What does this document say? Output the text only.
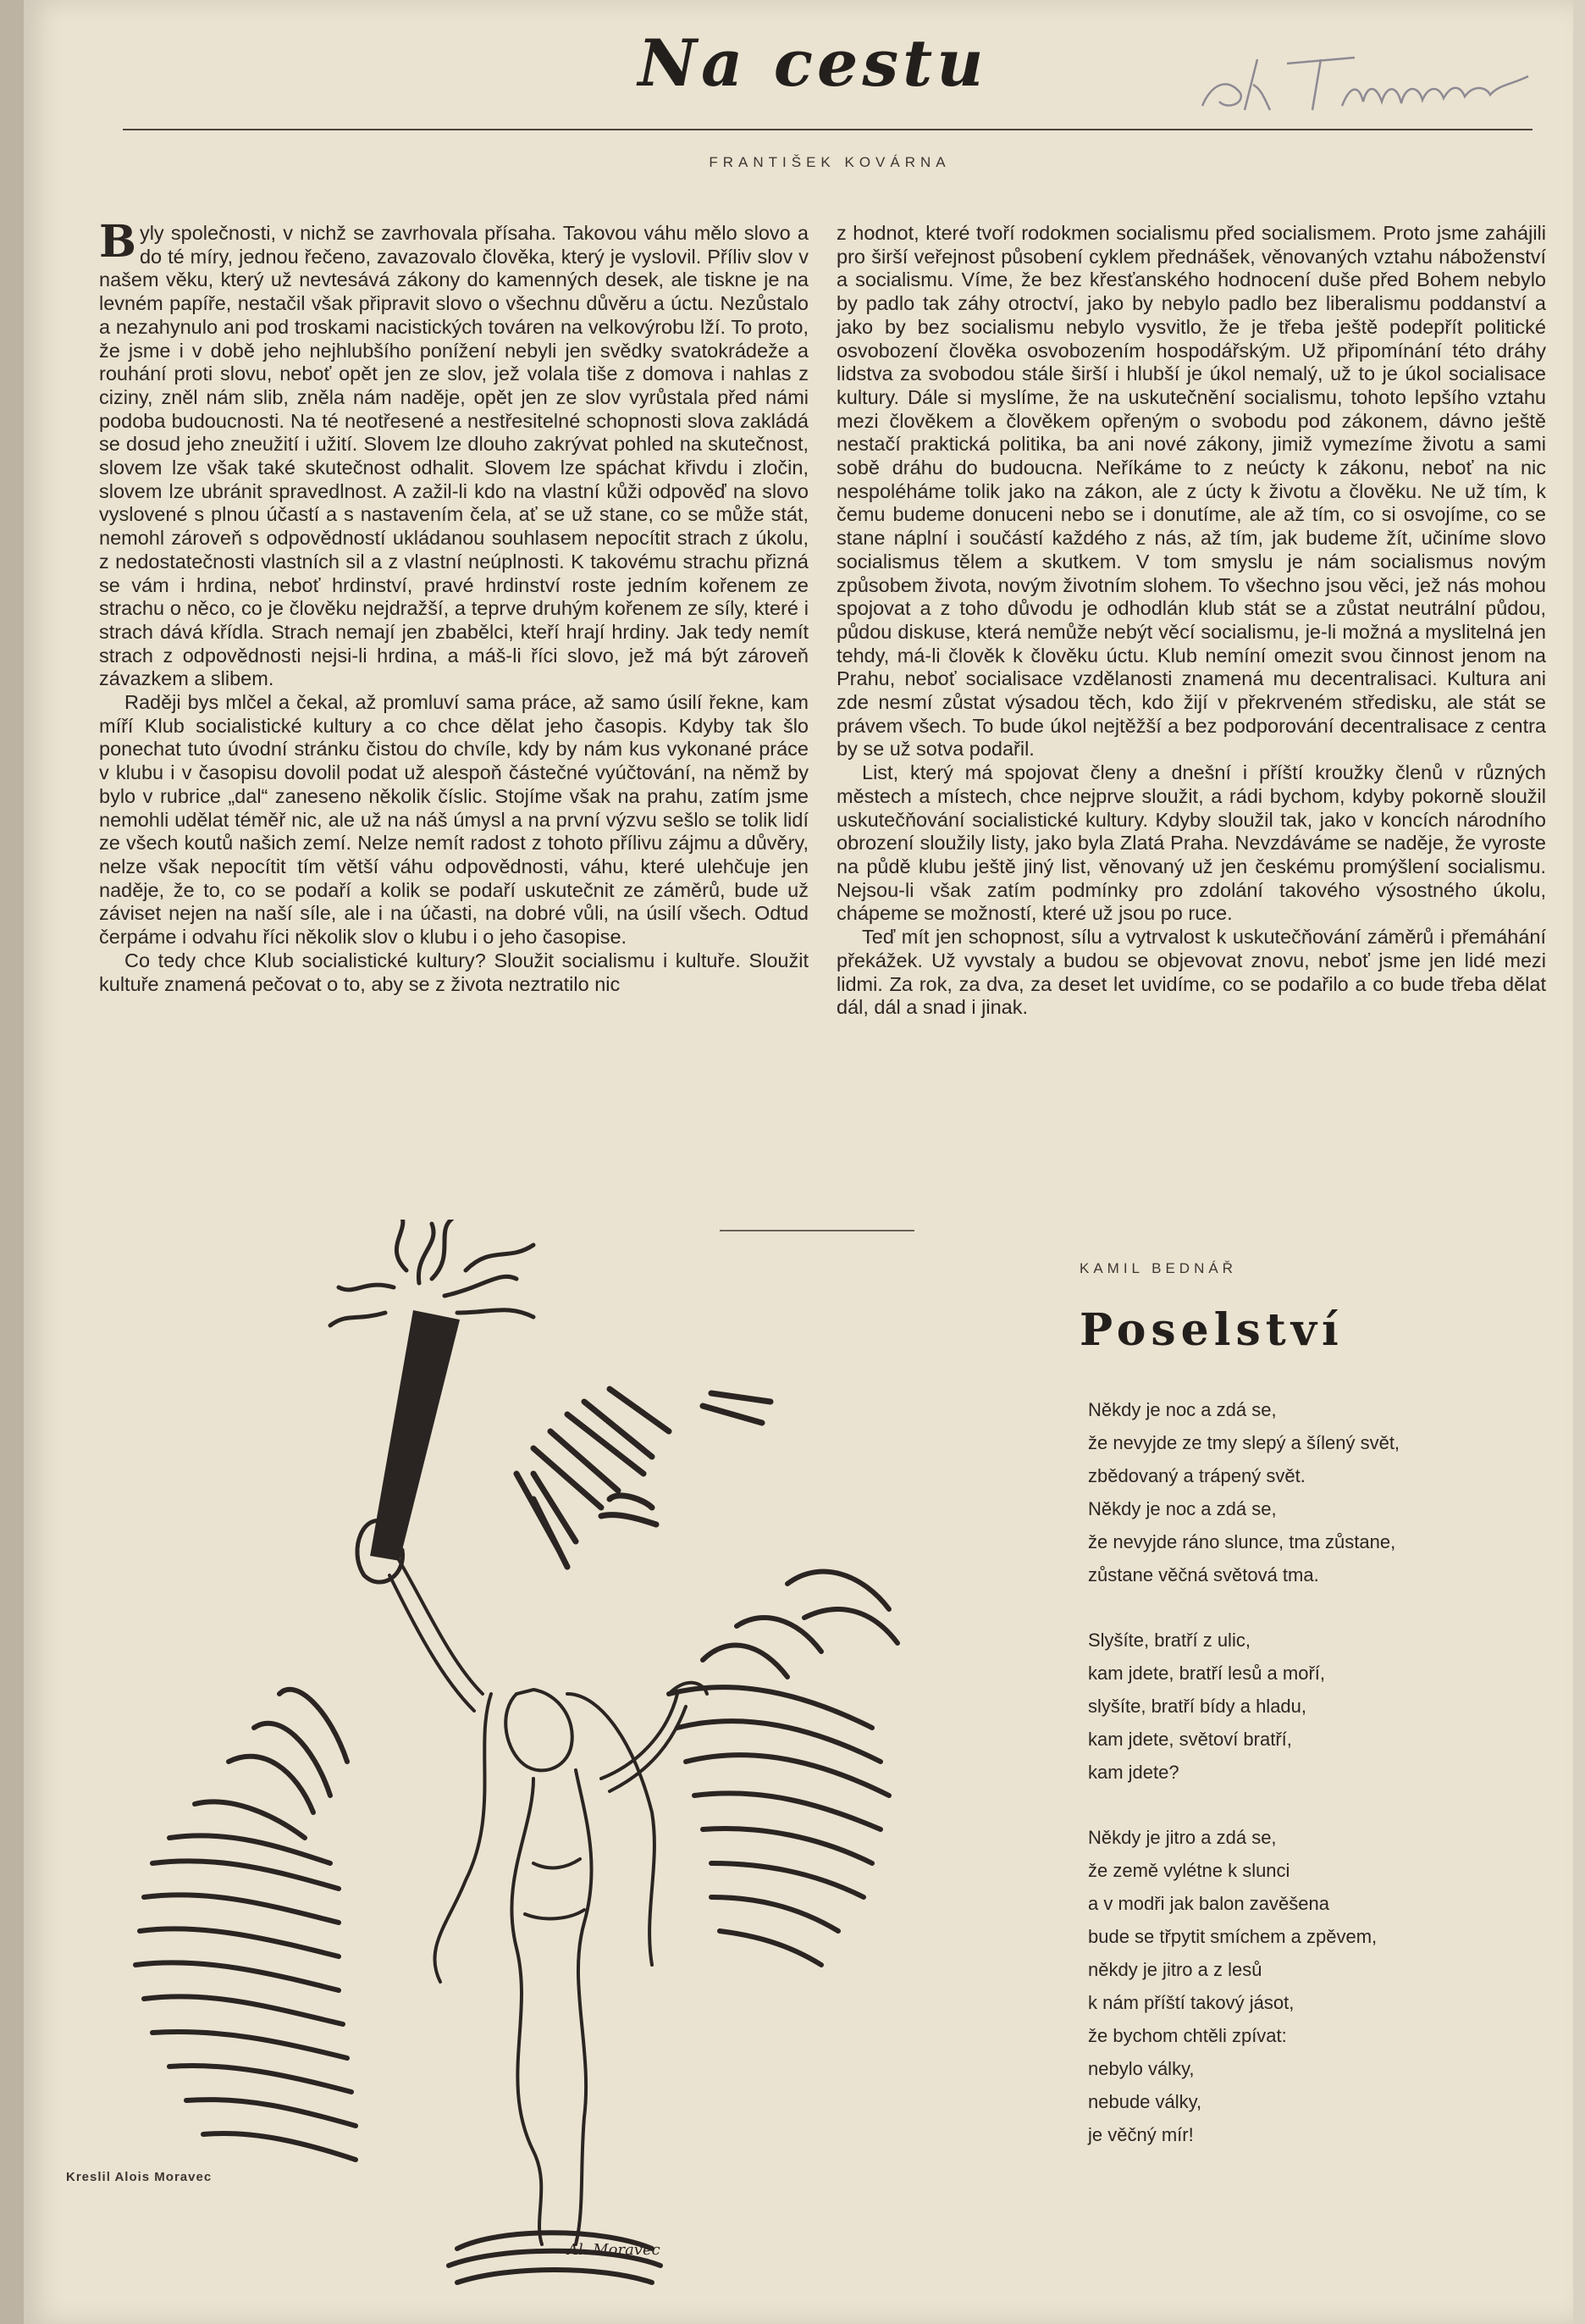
Na cestu
FRANTIŠEK KOVÁRNA

Byly společnosti, v nichž se zavrhovala přísaha. Takovou váhu mělo slovo a do té míry, jednou řečeno, zavazovalo člověka, který je vyslovil. Příliv slov v našem věku, který už nevtesává zákony do kamenných desek, ale tiskne je na levném papíře, nestačil však připravit slovo o všechnu důvěru a úctu. Nezůstalo a nezahynulo ani pod troskami nacistických továren na velkovýrobu lží. To proto, že jsme i v době jeho nejhlubšího ponížení nebyli jen svědky svatokrádeže a rouhání proti slovu, neboť opět jen ze slov, jež volala tiše z domova i nahlas z ciziny, zněl nám slib, zněla nám naděje, opět jen ze slov vyrůstala před námi podoba budoucnosti. Na té neotřesené a nestřesitelné schopnosti slova zakládá se dosud jeho zneužití i užití. Slovem lze dlouho zakrývat pohled na skutečnost, slovem lze však také skutečnost odhalit. Slovem lze spáchat křivdu i zločin, slovem lze ubránit spravedlnost. A zažil-li kdo na vlastní kůži odpověď na slovo vyslovené s plnou účastí a s nastavením čela, ať se už stane, co se může stát, nemohl zároveň s odpovědností ukládanou souhlasem nepocítit strach z úkolu, z nedostatečnosti vlastních sil a z vlastní neúplnosti. K takovému strachu přizná se vám i hrdina, neboť hrdinství, pravé hrdinství roste jedním kořenem ze strachu o něco, co je člověku nejdražší, a teprve druhým kořenem ze síly, které i strach dává křídla. Strach nemají jen zbabělci, kteří hrají hrdiny. Jak tedy nemít strach z odpovědnosti nejsi-li hrdina, a máš-li říci slovo, jež má být zároveň závazkem a slibem.

Raději bys mlčel a čekal, až promluví sama práce, až samo úsilí řekne, kam míří Klub socialistické kultury a co chce dělat jeho časopis. Kdyby tak šlo ponechat tuto úvodní stránku čistou do chvíle, kdy by nám kus vykonané práce v klubu i v časopisu dovolil podat už alespoň částečné vyúčtování, na němž by bylo v rubrice „dal“ zaneseno několik číslic. Stojíme však na prahu, zatím jsme nemohli udělat téměř nic, ale už na náš úmysl a na první výzvu sešlo se tolik lidí ze všech koutů našich zemí. Nelze nemít radost z tohoto přílivu zájmu a důvěry, nelze však nepocítit tím větší váhu odpovědnosti, váhu, které ulehčuje jen naděje, že to, co se podaří a kolik se podaří uskutečnit ze záměrů, bude už záviset nejen na naší síle, ale i na účasti, na dobré vůli, na úsilí všech. Odtud čerpáme i odvahu říci několik slov o klubu i o jeho časopise.

Co tedy chce Klub socialistické kultury? Sloužit socialismu i kultuře. Sloužit kultuře znamená pečovat o to, aby se z života neztratilo nic

z hodnot, které tvoří rodokmen socialismu před socialismem. Proto jsme zahájili pro širší veřejnost působení cyklem přednášek, věnovaných vztahu náboženství a socialismu. Víme, že bez křesťanského hodnocení duše před Bohem nebylo by padlo tak záhy otroctví, jako by nebylo padlo bez liberalismu poddanství a jako by bez socialismu nebylo vysvitlo, že je třeba ještě podepřít politické osvobození člověka osvobozením hospodářským. Už připomínání této dráhy lidstva za svobodou stále širší i hlubší je úkol nemalý, už to je úkol socialisace kultury. Dále si myslíme, že na uskutečnění socialismu, tohoto lepšího vztahu mezi člověkem a člověkem opřeným o svobodu pod zákonem, dávno ještě nestačí praktická politika, ba ani nové zákony, jimiž vymezíme životu a sami sobě dráhu do budoucna. Neříkáme to z neúcty k zákonu, neboť na nic nespoléháme tolik jako na zákon, ale z úcty k životu a člověku. Ne už tím, k čemu budeme donuceni nebo se i donutíme, ale až tím, co si osvojíme, co se stane náplní i součástí každého z nás, až tím, jak budeme žít, učiníme slovo socialismus tělem a skutkem. V tom smyslu je nám socialismus novým způsobem života, novým životním slohem. To všechno jsou věci, jež nás mohou spojovat a z toho důvodu je odhodlán klub stát se a zůstat neutrální půdou, půdou diskuse, která nemůže nebýt věcí socialismu, je-li možná a myslitelná jen tehdy, má-li člověk k člověku úctu. Klub nemíní omezit svou činnost jenom na Prahu, neboť socialisace vzdělanosti znamená mu decentralisaci. Kultura ani zde nesmí zůstat výsadou těch, kdo žijí v překrveném středisku, ale stát se právem všech. To bude úkol nejtěžší a bez podporování decentralisace z centra by se už sotva podařil.

List, který má spojovat členy a dnešní i příští kroužky členů v různých městech a místech, chce nejprve sloužit, a rádi bychom, kdyby pokorně sloužil uskutečňování socialistické kultury. Kdyby sloužil tak, jako v koncích národního obrození sloužily listy, jako byla Zlatá Praha. Nevzdáváme se naděje, že vyroste na půdě klubu ještě jiný list, věnovaný už jen českému promýšlení socialismu. Nejsou-li však zatím podmínky pro zdolání takového výsostného úkolu, chápeme se možností, které už jsou po ruce.

Teď mít jen schopnost, sílu a vytrvalost k uskutečňování záměrů i přemáhání překážek. Už vyvstaly a budou se objevovat znovu, neboť jsme jen lidé mezi lidmi. Za rok, za dva, za deset let uvidíme, co se podařilo a co bude třeba dělat dál, dál a snad i jinak.

Al. Moravec
Kreslil Alois Moravec
KAMIL BEDNÁŘ
Poselství
Někdy je noc a zdá se,
že nevyjde ze tmy slepý a šílený svět,
zbědovaný a trápený svět.
Někdy je noc a zdá se,
že nevyjde ráno slunce, tma zůstane,
zůstane věčná světová tma.
Slyšíte, bratří z ulic,
kam jdete, bratří lesů a moří,
slyšíte, bratří bídy a hladu,
kam jdete, světoví bratří,
kam jdete?
Někdy je jitro a zdá se,
že země vylétne k slunci
a v modři jak balon zavěšena
bude se třpytit smíchem a zpěvem,
někdy je jitro a z lesů
k nám příští takový jásot,
že bychom chtěli zpívat:
nebylo války,
nebude války,
je věčný mír!
